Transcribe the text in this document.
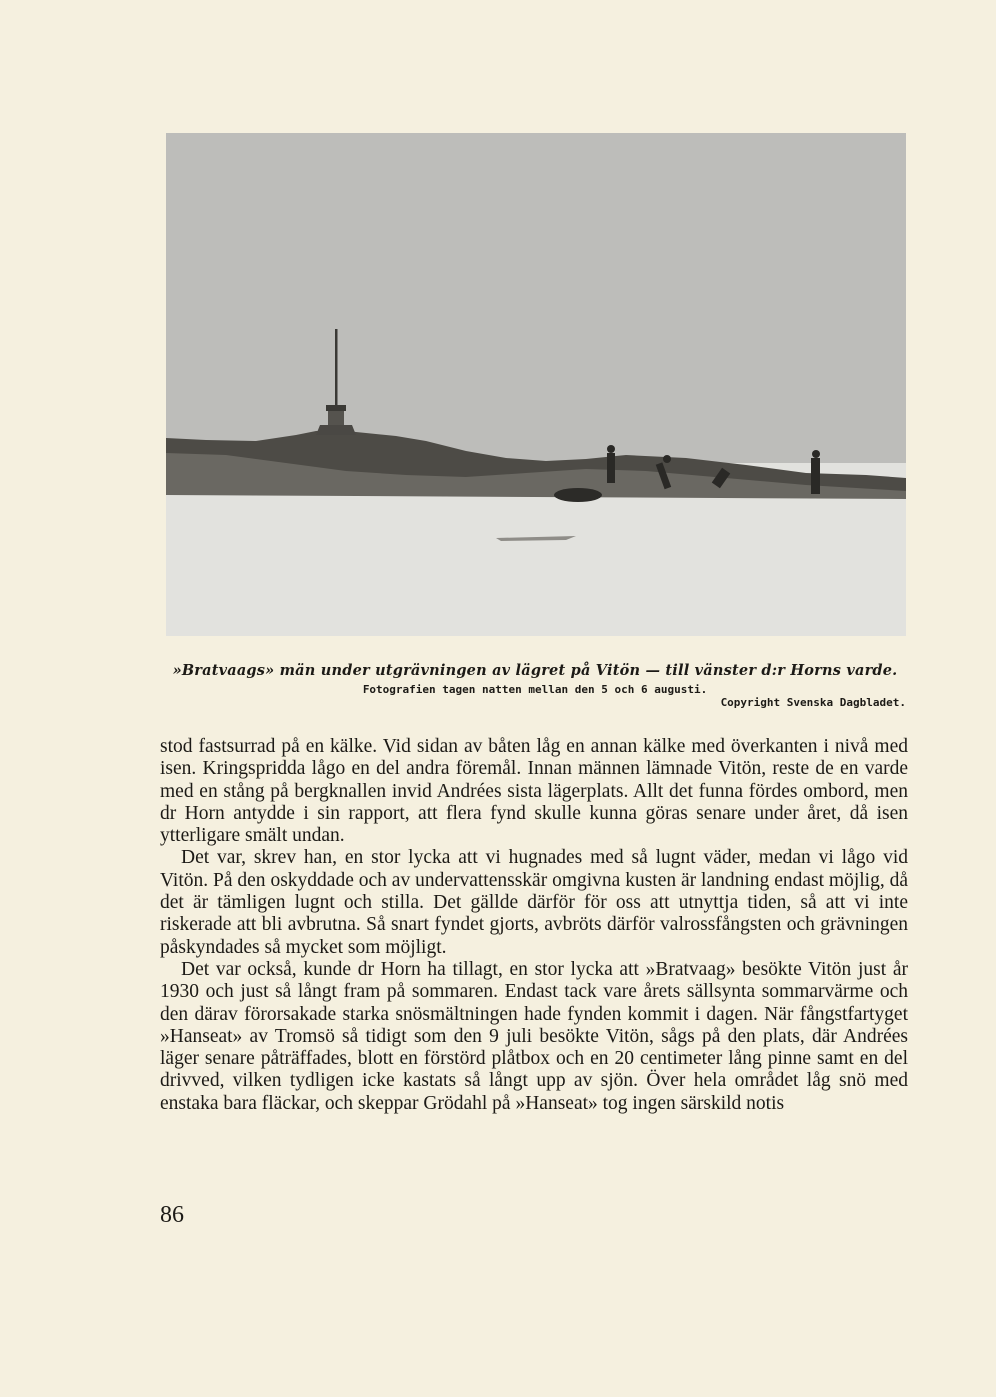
»Bratvaags» män under utgrävningen av lägret på Vitön — till vänster d:r Horns varde.
Fotografien tagen natten mellan den 5 och 6 augusti.
Copyright Svenska Dagbladet.

stod fastsurrad på en kälke. Vid sidan av båten låg en annan kälke med överkanten i nivå med isen. Kringspridda lågo en del andra föremål. Innan männen lämnade Vitön, reste de en varde med en stång på bergknallen invid Andrées sista lägerplats. Allt det funna fördes ombord, men dr Horn antydde i sin rapport, att flera fynd skulle kunna göras senare under året, då isen ytterligare smält undan.

Det var, skrev han, en stor lycka att vi hugnades med så lugnt väder, medan vi lågo vid Vitön. På den oskyddade och av undervattensskär omgivna kusten är landning endast möjlig, då det är tämligen lugnt och stilla. Det gällde därför för oss att utnyttja tiden, så att vi inte riskerade att bli avbrutna. Så snart fyndet gjorts, avbröts därför valrossfångsten och grävningen påskyndades så mycket som möjligt.

Det var också, kunde dr Horn ha tillagt, en stor lycka att »Bratvaag» besökte Vitön just år 1930 och just så långt fram på sommaren. Endast tack vare årets sällsynta sommarvärme och den därav förorsakade starka snösmältningen hade fynden kommit i dagen. När fångstfartyget »Hanseat» av Tromsö så tidigt som den 9 juli besökte Vitön, sågs på den plats, där Andrées läger senare påträffades, blott en förstörd plåtbox och en 20 centimeter lång pinne samt en del drivved, vilken tydligen icke kastats så långt upp av sjön. Över hela området låg snö med enstaka bara fläckar, och skeppar Grödahl på »Hanseat» tog ingen särskild notis

86
